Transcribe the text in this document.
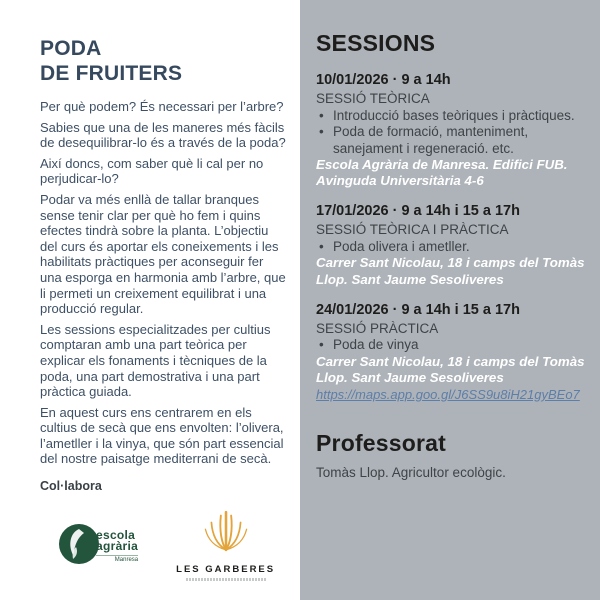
PODA
DE FRUITERS

Per què podem? És necessari per l’arbre?

Sabies que una de les maneres més fàcils de desequilibrar-lo és a través de la poda?

Així doncs, com saber què li cal per no perjudicar-lo?

Podar va més enllà de tallar branques sense tenir clar per què ho fem i quins efectes tindrà sobre la planta. L’objectiu del curs és aportar els coneixements i les habilitats pràctiques per aconseguir fer una esporga en harmonia amb l’arbre, que li permeti un creixement equilibrat i una producció regular.

Les sessions especialitzades per cultius comptaran amb una part teòrica per explicar els fonaments i tècniques de la poda, una part demostrativa i una part pràctica guiada.

En aquest curs ens centrarem en els cultius de secà que ens envolten: l’olivera, l’ametller i la vinya, que són part essencial del nostre paisatge mediterrani de secà.

Col·labora
escola
agrària
Manresa
LES GARBERES
SESSIONS
10/01/2026 · 9 a 14h
SESSIÓ TEÒRICA
• Introducció bases teòriques i pràctiques.
• Poda de formació, manteniment, sanejament i regeneració. etc.
Escola Agrària de Manresa. Edifici FUB. Avinguda Universitària 4-6
17/01/2026 · 9 a 14h i 15 a 17h
SESSIÓ TEÒRICA I PRÀCTICA
• Poda olivera i ametller.
Carrer Sant Nicolau, 18 i camps del Tomàs Llop. Sant Jaume Sesoliveres
24/01/2026 · 9 a 14h i 15 a 17h
SESSIÓ PRÀCTICA
• Poda de vinya
Carrer Sant Nicolau, 18 i camps del Tomàs Llop. Sant Jaume Sesoliveres
https://maps.app.goo.gl/J6SS9u8iH21gyBEo7
Professorat
Tomàs Llop. Agricultor ecològic.
